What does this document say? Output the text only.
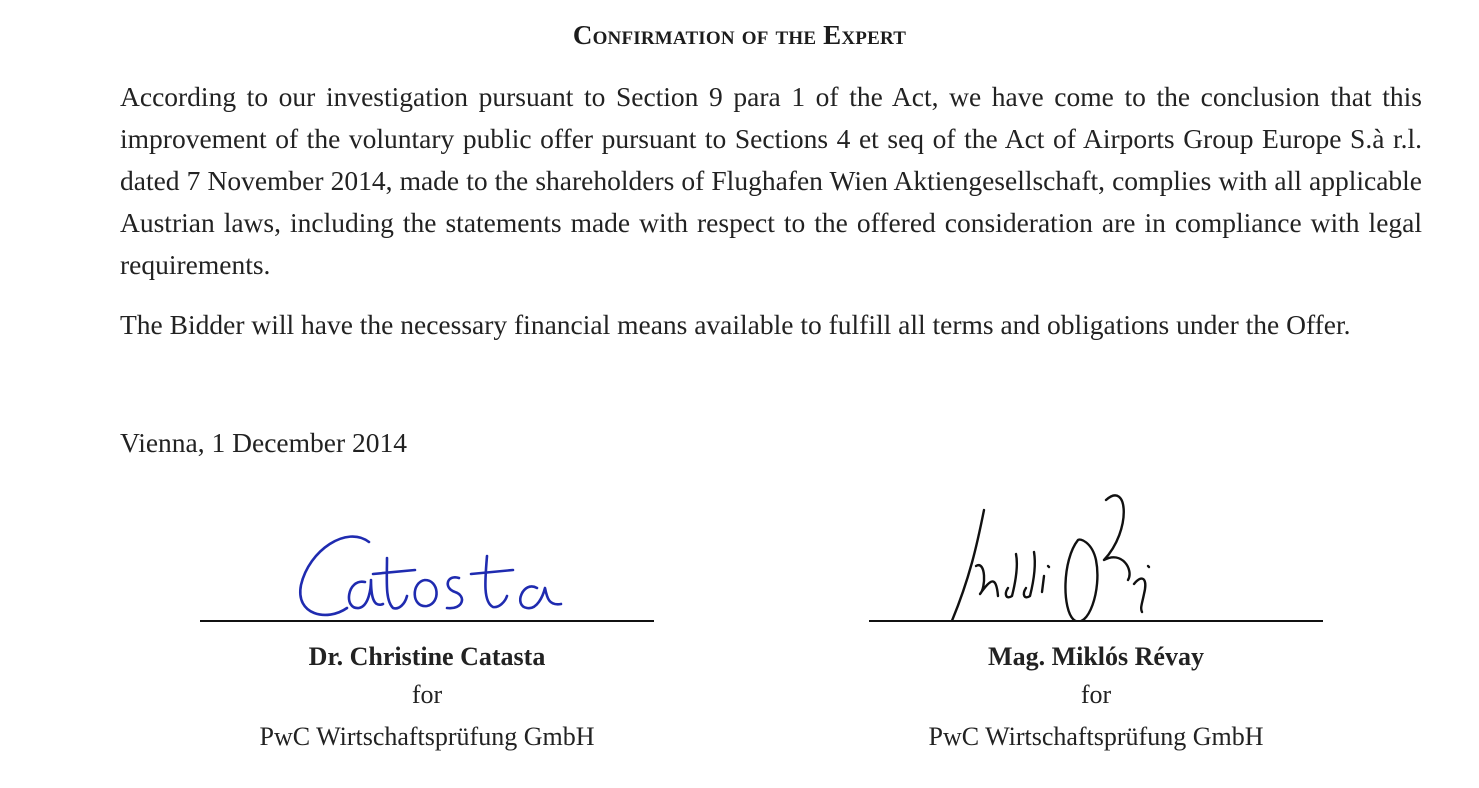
Confirmation of the Expert

According to our investigation pursuant to Section 9 para 1 of the Act, we have come to the conclusion that this improvement of the voluntary public offer pursuant to Sections 4 et seq of the Act of Airports Group Europe S.à r.l. dated 7 November 2014, made to the shareholders of Flughafen Wien Aktiengesellschaft, complies with all applicable Austrian laws, including the statements made with respect to the offered consideration are in compliance with legal requirements.

The Bidder will have the necessary financial means available to fulfill all terms and obligations under the Offer.

Vienna, 1 December 2014
Dr. Christine Catasta
for
PwC Wirtschaftsprüfung GmbH
Mag. Miklós Révay
for
PwC Wirtschaftsprüfung GmbH
